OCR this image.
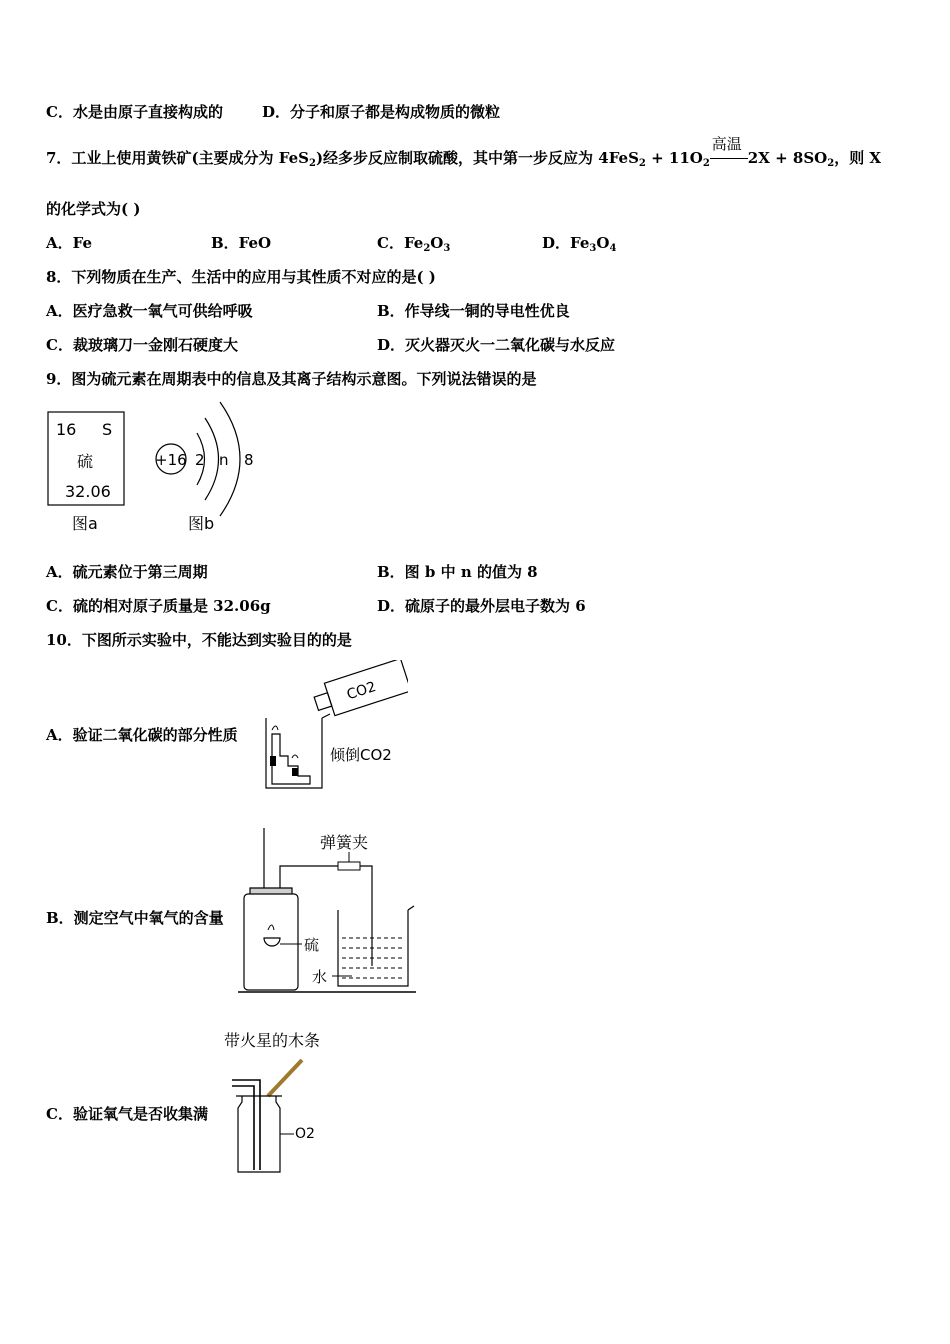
C．水是由原子直接构成的	D．分子和原子都是构成物质的微粒
7．工业上使用黄铁矿(主要成分为 FeS$_2$)经多步反应制取硫酸，其中第一步反应为 $4FeS_2 + 11O_2$
高温
$2X + 8SO_2$，则 X
的化学式为( )
A．Fe	B．FeO	C．$Fe_2O_3$	D．$Fe_3O_4$
8．下列物质在生产、生活中的应用与其性质不对应的是( )
A．医疗急救一氧气可供给呼吸	B．作导线一铜的导电性优良
C．裁玻璃刀一金刚石硬度大	D．灭火器灭火一二氧化碳与水反应
9．图为硫元素在周期表中的信息及其离子结构示意图。下列说法错误的是
16 S
硫
32.06
图a
+16 2 n 8
图b
A．硫元素位于第三周期	B．图 b 中 n 的值为 8
C．硫的相对原子质量是 32.06g	D．硫原子的最外层电子数为 6
10．下图所示实验中，不能达到实验目的的是
A．验证二氧化碳的部分性质
CO2
倾倒CO2
B．测定空气中氧气的含量
弹簧夹
硫
水
C．验证氧气是否收集满
带火星的木条
O2
